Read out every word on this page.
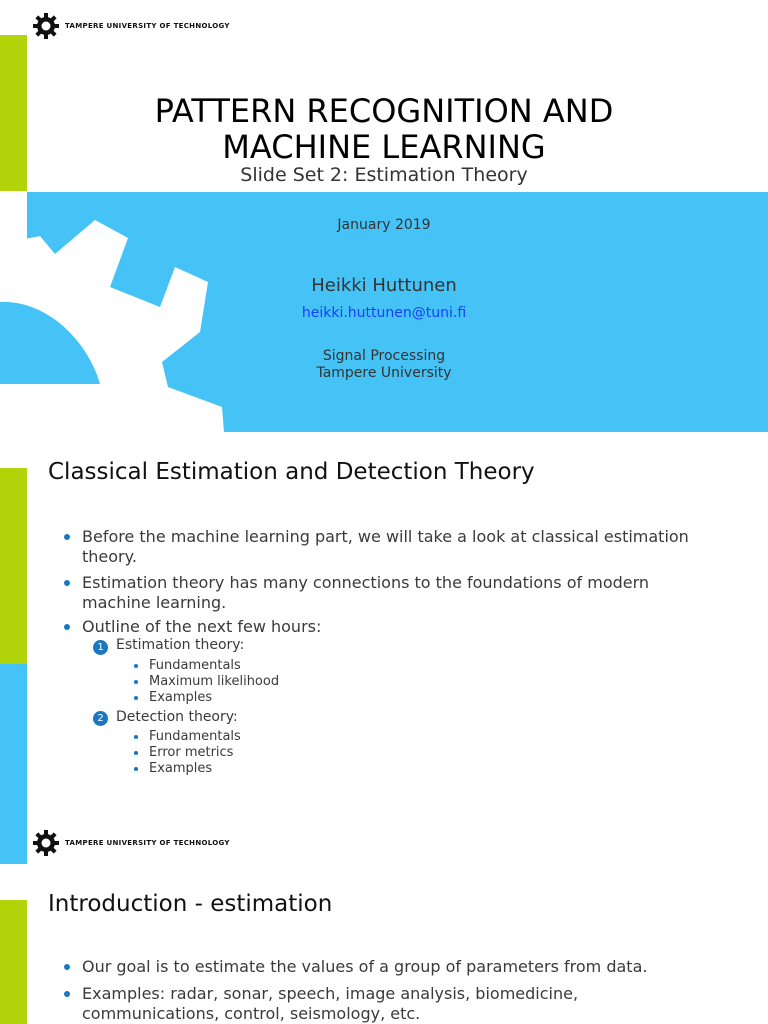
TAMPERE UNIVERSITY OF TECHNOLOGY
PATTERN RECOGNITION AND
MACHINE LEARNING
Slide Set 2: Estimation Theory
January 2019
Heikki Huttunen
heikki.huttunen@tuni.fi
Signal Processing
Tampere University
Classical Estimation and Detection Theory
Before the machine learning part, we will take a look at classical estimation
theory.
Estimation theory has many connections to the foundations of modern
machine learning.
Outline of the next few hours:
1 Estimation theory:
Fundamentals
Maximum likelihood
Examples
2 Detection theory:
Fundamentals
Error metrics
Examples
TAMPERE UNIVERSITY OF TECHNOLOGY
Introduction - estimation
Our goal is to estimate the values of a group of parameters from data.
Examples: radar, sonar, speech, image analysis, biomedicine,
communications, control, seismology, etc.
